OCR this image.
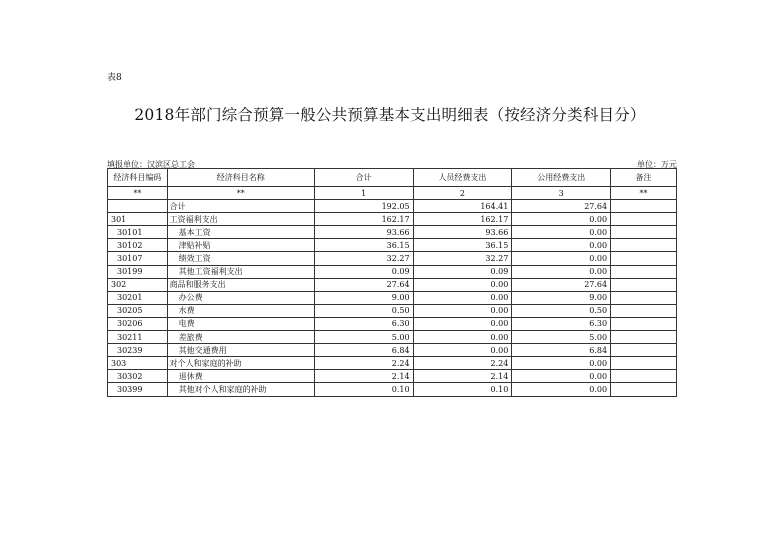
表8
2018年部门综合预算一般公共预算基本支出明细表（按经济分类科目分）
填报单位：汉滨区总工会	单位：万元
经济科目编码	经济科目名称	合计	人员经费支出	公用经费支出	备注
**	**	1	2	3	**
	合计	192.05	164.41	27.64	
301	工资福利支出	162.17	162.17	0.00	
30101	基本工资	93.66	93.66	0.00	
30102	津贴补贴	36.15	36.15	0.00	
30107	绩效工资	32.27	32.27	0.00	
30199	其他工资福利支出	0.09	0.09	0.00	
302	商品和服务支出	27.64	0.00	27.64	
30201	办公费	9.00	0.00	9.00	
30205	水费	0.50	0.00	0.50	
30206	电费	6.30	0.00	6.30	
30211	差旅费	5.00	0.00	5.00	
30239	其他交通费用	6.84	0.00	6.84	
303	对个人和家庭的补助	2.24	2.24	0.00	
30302	退休费	2.14	2.14	0.00	
30399	其他对个人和家庭的补助	0.10	0.10	0.00	
